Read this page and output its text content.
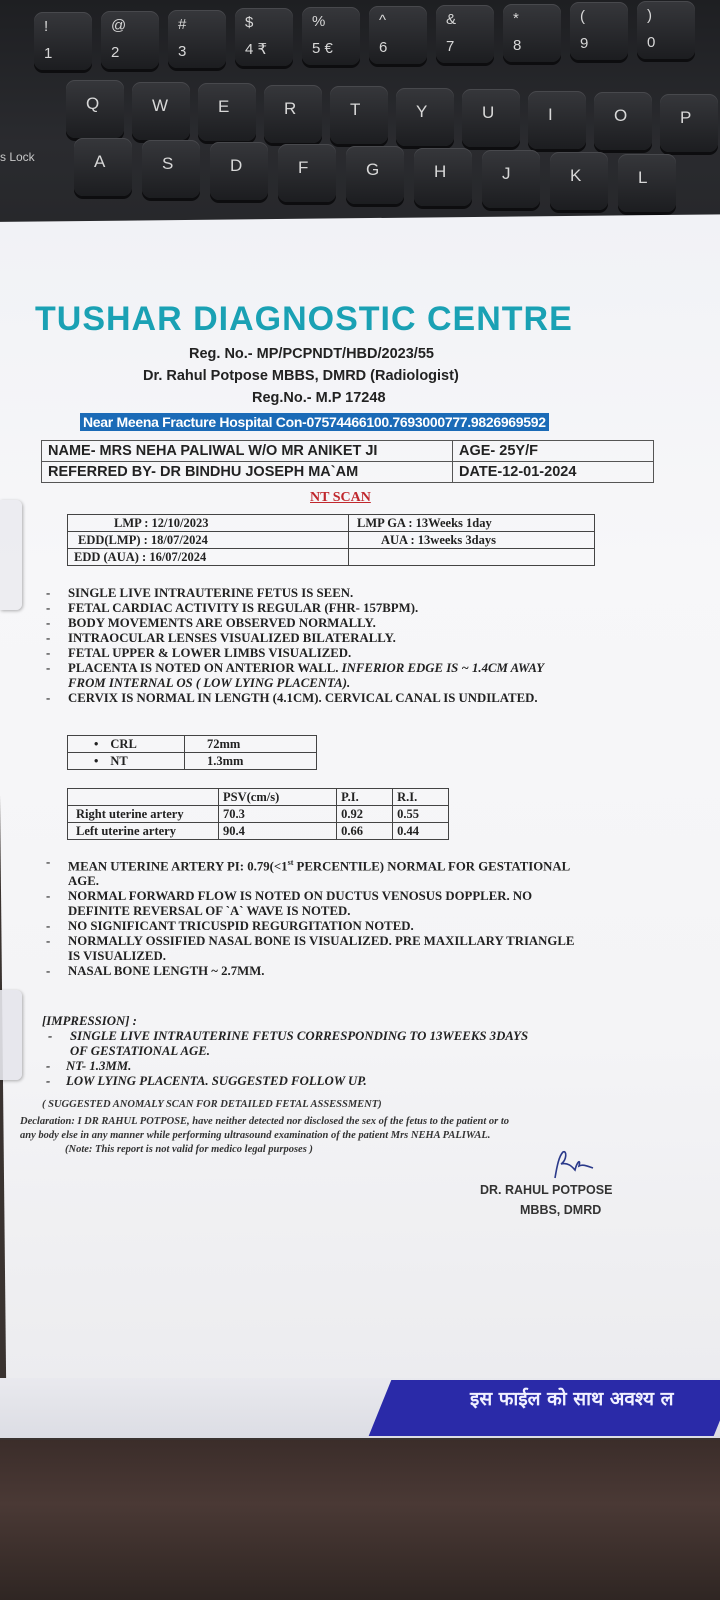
!
1
@
2
#
3
$
4 ₹
%
5 €
^
6
&
7
*
8
(
9
)
0
Q	W	E	R	T	Y	U	I	O	P
A	S	D	F	G	H	J	K	L
s Lock
TUSHAR DIAGNOSTIC CENTRE
Reg. No.- MP/PCPNDT/HBD/2023/55
Dr. Rahul Potpose MBBS, DMRD (Radiologist)
Reg.No.- M.P 17248
Near Meena Fracture Hospital Con-07574466100.7693000777.9826969592
NAME- MRS NEHA PALIWAL W/O MR ANIKET JI	AGE- 25Y/F
REFERRED BY- DR BINDHU JOSEPH MA`AM	DATE-12-01-2024
NT SCAN
LMP : 12/10/2023	LMP GA : 13Weeks 1day
EDD(LMP) : 18/07/2024	AUA : 13weeks 3days
EDD (AUA) : 16/07/2024	
- SINGLE LIVE INTRAUTERINE FETUS IS SEEN.
- FETAL CARDIAC ACTIVITY IS REGULAR (FHR- 157BPM).
- BODY MOVEMENTS ARE OBSERVED NORMALLY.
- INTRAOCULAR LENSES VISUALIZED BILATERALLY.
- FETAL UPPER & LOWER LIMBS VISUALIZED.
- PLACENTA IS NOTED ON ANTERIOR WALL. INFERIOR EDGE IS ~ 1.4CM AWAY
FROM INTERNAL OS ( LOW LYING PLACENTA).
- CERVIX IS NORMAL IN LENGTH (4.1CM). CERVICAL CANAL IS UNDILATED.
• CRL	72mm
• NT	1.3mm
	PSV(cm/s)	P.I.	R.I.
Right uterine artery	70.3	0.92	0.55
Left uterine artery	90.4	0.66	0.44
- MEAN UTERINE ARTERY PI: 0.79(<1st PERCENTILE) NORMAL FOR GESTATIONAL
AGE.
- NORMAL FORWARD FLOW IS NOTED ON DUCTUS VENOSUS DOPPLER. NO
DEFINITE REVERSAL OF `A` WAVE IS NOTED.
- NO SIGNIFICANT TRICUSPID REGURGITATION NOTED.
- NORMALLY OSSIFIED NASAL BONE IS VISUALIZED. PRE MAXILLARY TRIANGLE
IS VISUALIZED.
- NASAL BONE LENGTH ~ 2.7MM.
[IMPRESSION] :
- SINGLE LIVE INTRAUTERINE FETUS CORRESPONDING TO 13WEEKS 3DAYS
OF GESTATIONAL AGE.
- NT- 1.3MM.
- LOW LYING PLACENTA. SUGGESTED FOLLOW UP.
( SUGGESTED ANOMALY SCAN FOR DETAILED FETAL ASSESSMENT)
Declaration: I DR RAHUL POTPOSE, have neither detected nor disclosed the sex of the fetus to the patient or to
any body else in any manner while performing ultrasound examination of the patient Mrs NEHA PALIWAL.
(Note: This report is not valid for medico legal purposes )
DR. RAHUL POTPOSE
MBBS, DMRD
इस फाईल को साथ अवश्य ल
